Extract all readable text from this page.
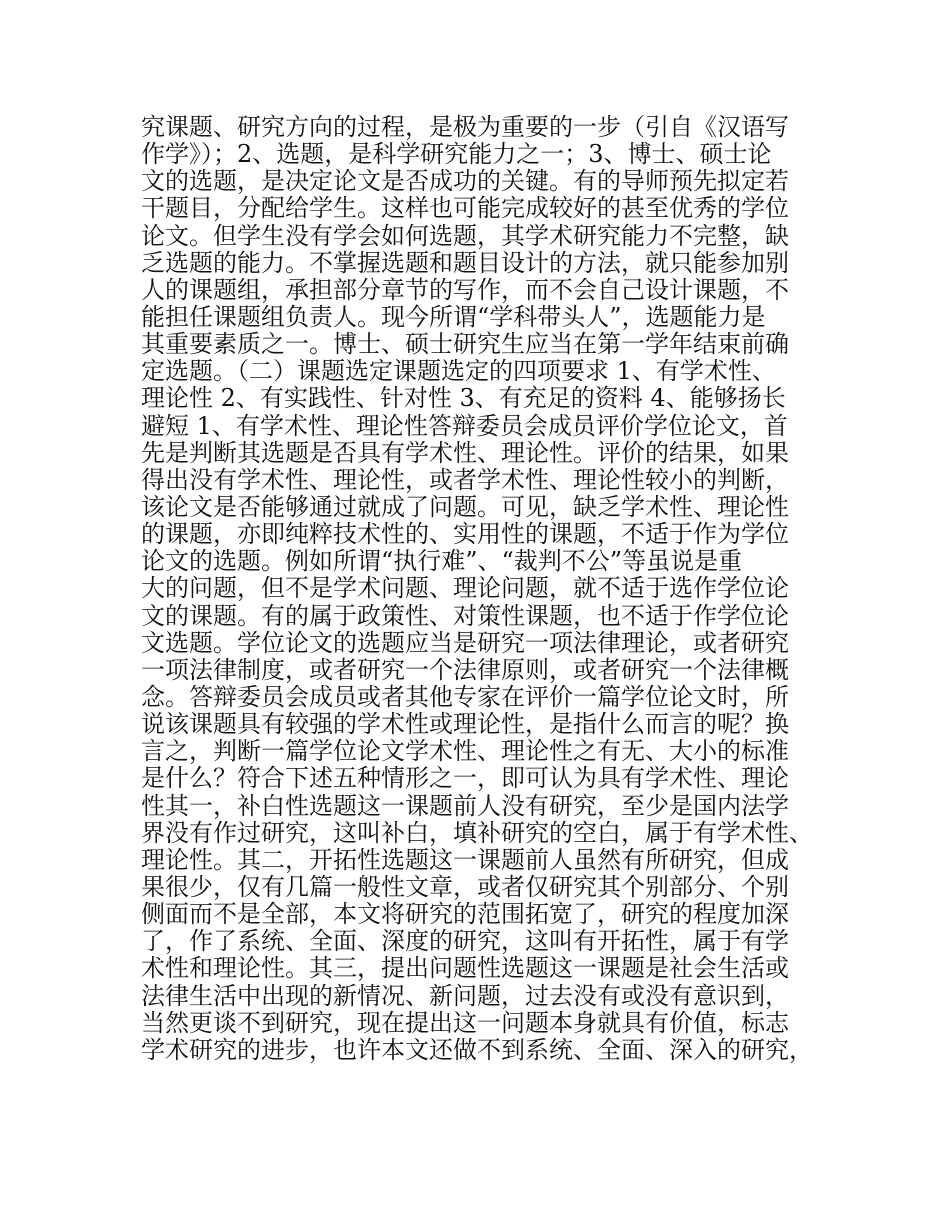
究课题、研究方向的过程，是极为重要的一步（引自《汉语写
作学》）；2、选题，是科学研究能力之一；3、博士、硕士论
文的选题，是决定论文是否成功的关键。有的导师预先拟定若
干题目，分配给学生。这样也可能完成较好的甚至优秀的学位
论文。但学生没有学会如何选题，其学术研究能力不完整，缺
乏选题的能力。不掌握选题和题目设计的方法，就只能参加别
人的课题组，承担部分章节的写作，而不会自己设计课题，不
能担任课题组负责人。现今所谓“学科带头人”，选题能力是
其重要素质之一。博士、硕士研究生应当在第一学年结束前确
定选题。（二）课题选定课题选定的四项要求 1、有学术性、
理论性 2、有实践性、针对性 3、有充足的资料 4、能够扬长
避短 1、有学术性、理论性答辩委员会成员评价学位论文，首
先是判断其选题是否具有学术性、理论性。评价的结果，如果
得出没有学术性、理论性，或者学术性、理论性较小的判断，
该论文是否能够通过就成了问题。可见，缺乏学术性、理论性
的课题，亦即纯粹技术性的、实用性的课题，不适于作为学位
论文的选题。例如所谓“执行难”、“裁判不公”等虽说是重
大的问题，但不是学术问题、理论问题，就不适于选作学位论
文的课题。有的属于政策性、对策性课题，也不适于作学位论
文选题。学位论文的选题应当是研究一项法律理论，或者研究
一项法律制度，或者研究一个法律原则，或者研究一个法律概
念。答辩委员会成员或者其他专家在评价一篇学位论文时，所
说该课题具有较强的学术性或理论性，是指什么而言的呢？换
言之，判断一篇学位论文学术性、理论性之有无、大小的标准
是什么？符合下述五种情形之一，即可认为具有学术性、理论
性其一，补白性选题这一课题前人没有研究，至少是国内法学
界没有作过研究，这叫补白，填补研究的空白，属于有学术性、
理论性。其二，开拓性选题这一课题前人虽然有所研究，但成
果很少，仅有几篇一般性文章，或者仅研究其个别部分、个别
侧面而不是全部，本文将研究的范围拓宽了，研究的程度加深
了，作了系统、全面、深度的研究，这叫有开拓性，属于有学
术性和理论性。其三，提出问题性选题这一课题是社会生活或
法律生活中出现的新情况、新问题，过去没有或没有意识到，
当然更谈不到研究，现在提出这一问题本身就具有价值，标志
学术研究的进步，也许本文还做不到系统、全面、深入的研究，
